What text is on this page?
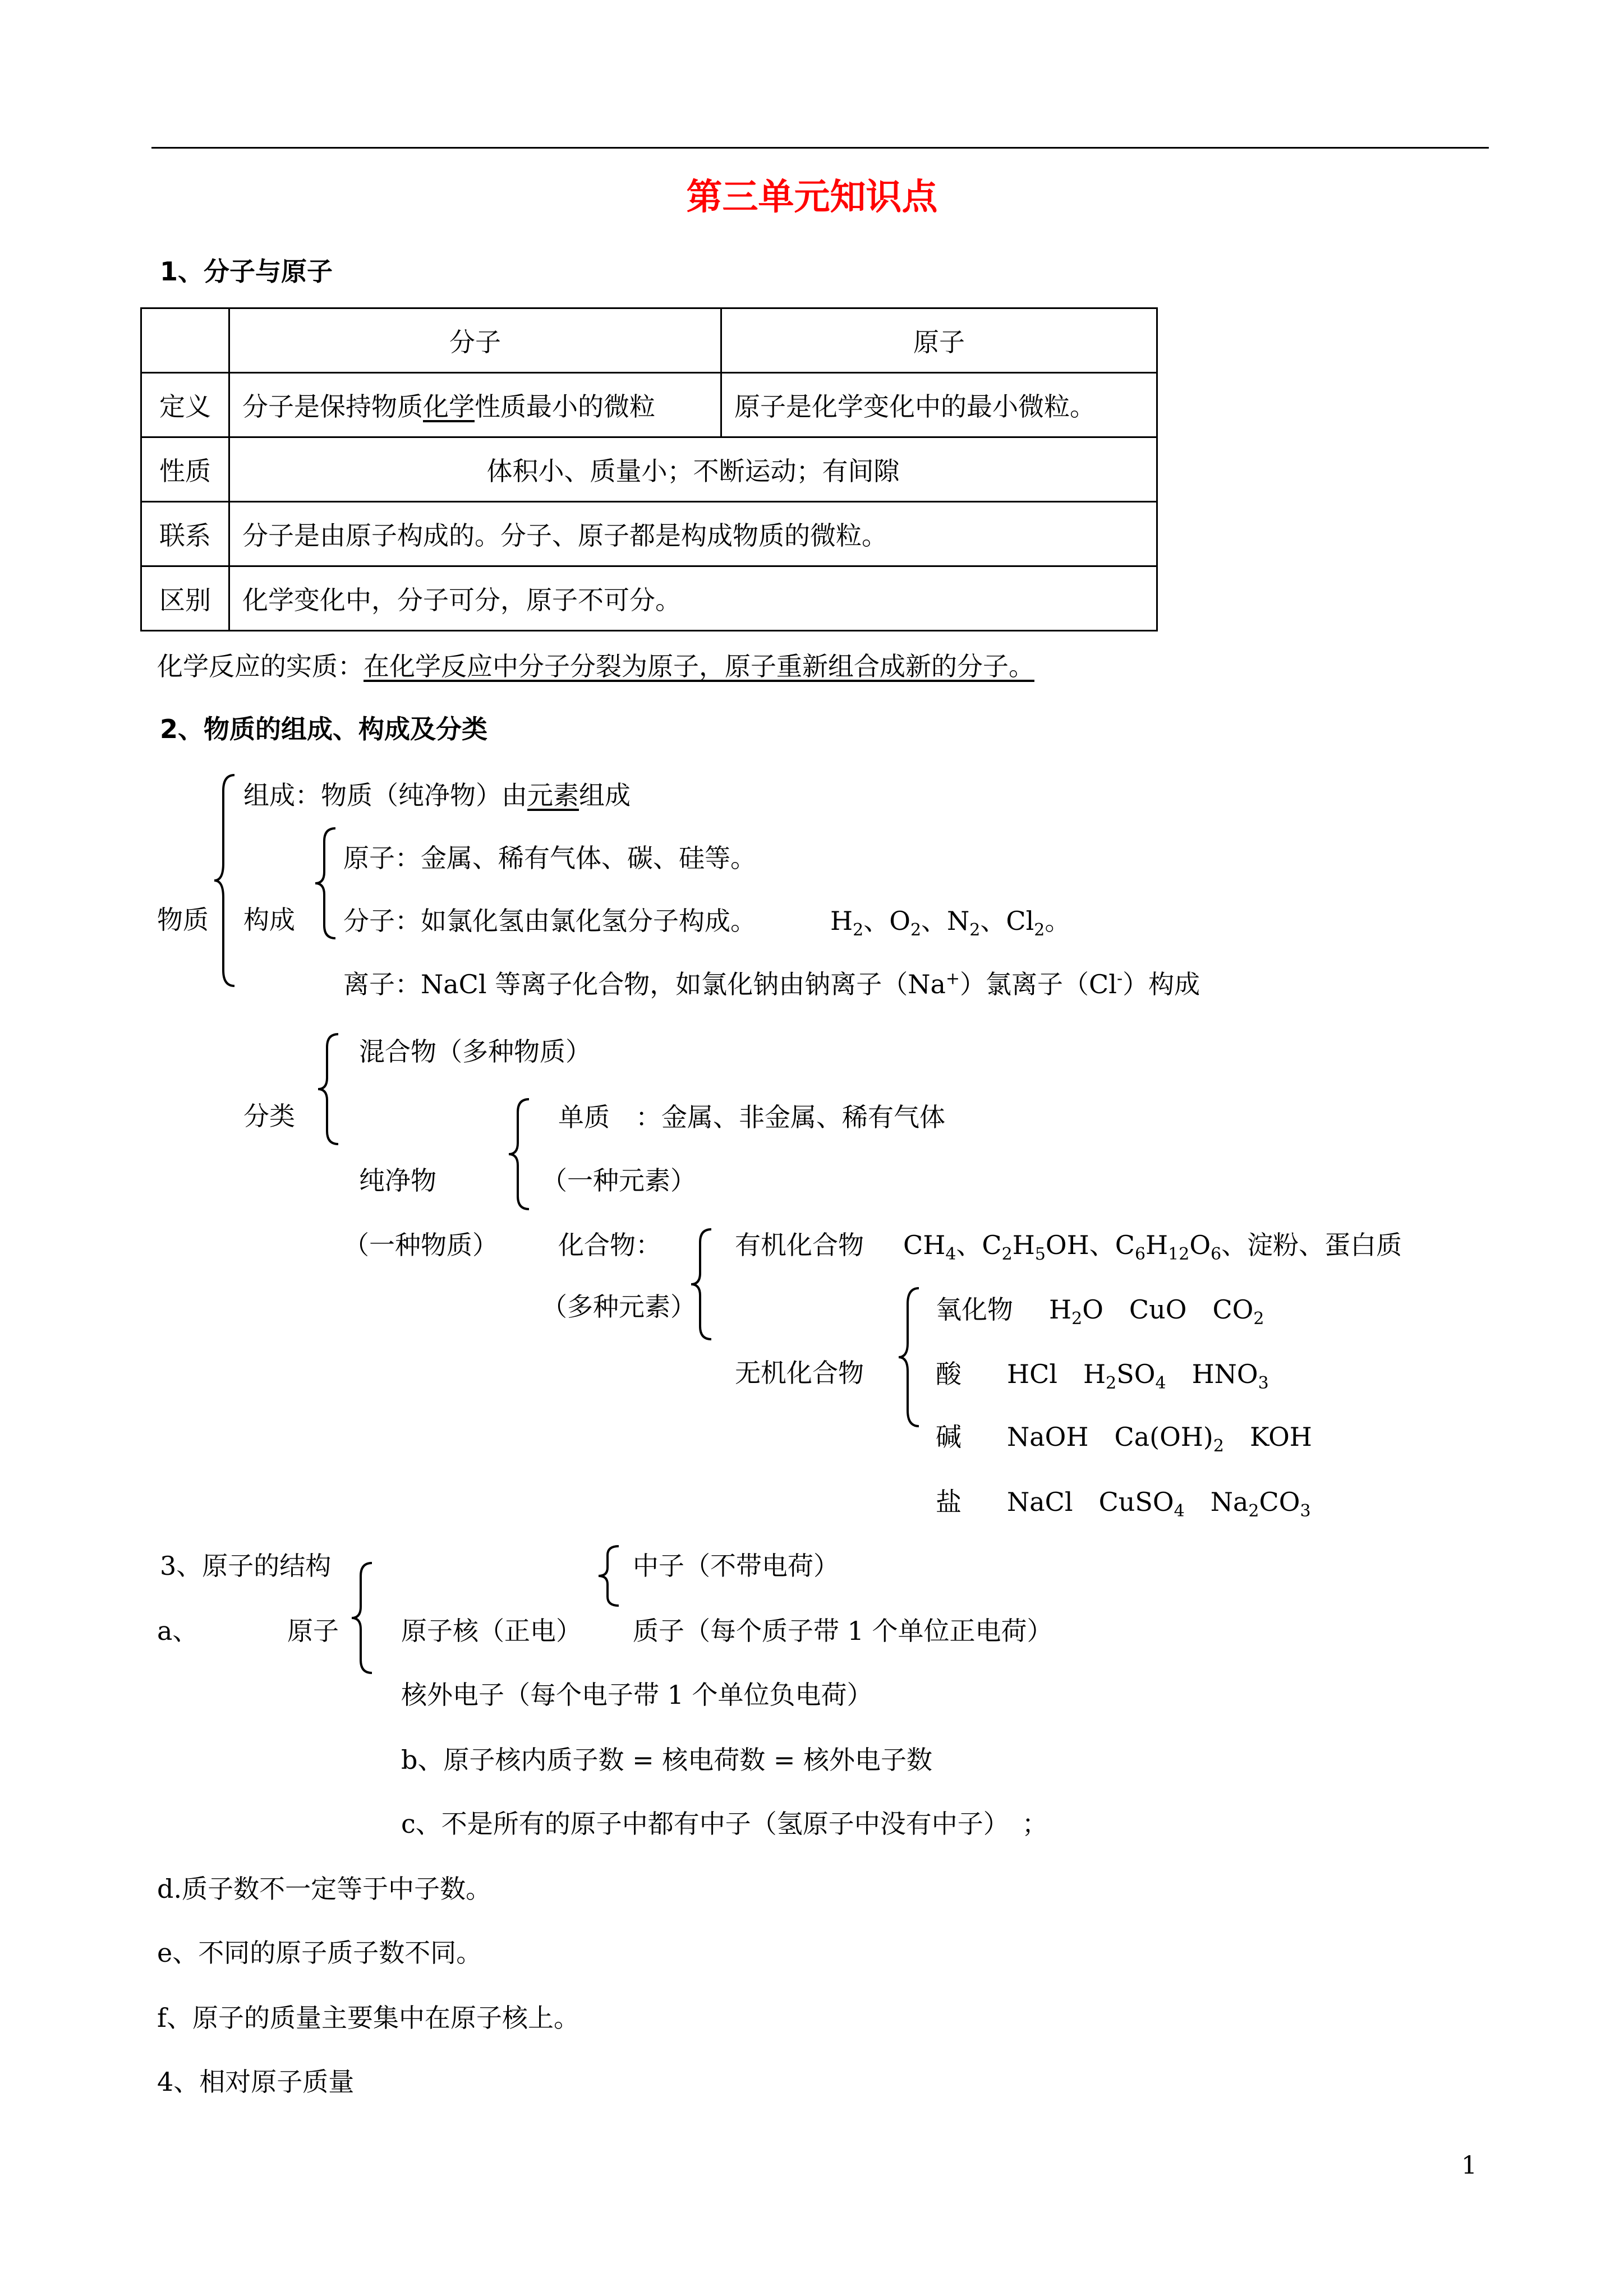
第三单元知识点
1、分子与原子
	分子	原子
定义	分子是保持物质化学性质最小的微粒	原子是化学变化中的最小微粒。
性质	体积小、质量小；不断运动；有间隙	
联系	分子是由原子构成的。分子、原子都是构成物质的微粒。	
区别	化学变化中，分子可分，原子不可分。	
化学反应的实质：在化学反应中分子分裂为原子，原子重新组合成新的分子。
2、物质的组成、构成及分类
物质
组成：物质（纯净物）由元素组成
构成
原子：金属、稀有气体、碳、硅等。
分子：如氯化氢由氯化氢分子构成。	$H_2$、$O_2$、$N_2$、$Cl_2$。
离子：NaCl 等离子化合物，如氯化钠由钠离子（Na+）氯离子（Cl-）构成
分类
混合物（多种物质）
纯净物
（一种物质）
单质　：金属、非金属、稀有气体
（一种元素）
化合物：
（多种元素）
有机化合物 $CH_4$、$C_2H_5OH$、$C_6H_{12}O_6$、淀粉、蛋白质
无机化合物
氧化物 $H_2O$　CuO　$CO_2$
酸 HCl　$H_2SO_4$　$HNO_3$
碱 NaOH　$Ca(OH)_2$　KOH
盐 NaCl　CuSO$_4$　$Na_2CO_3$
3、原子的结构
a、	原子 原子核（正电）
中子（不带电荷）
质子（每个质子带 1 个单位正电荷）
核外电子（每个电子带 1 个单位负电荷）
b、原子核内质子数 = 核电荷数 = 核外电子数
c、不是所有的原子中都有中子（氢原子中没有中子）　；
d.质子数不一定等于中子数。
e、不同的原子质子数不同。
f、原子的质量主要集中在原子核上。
4、相对原子质量
1
